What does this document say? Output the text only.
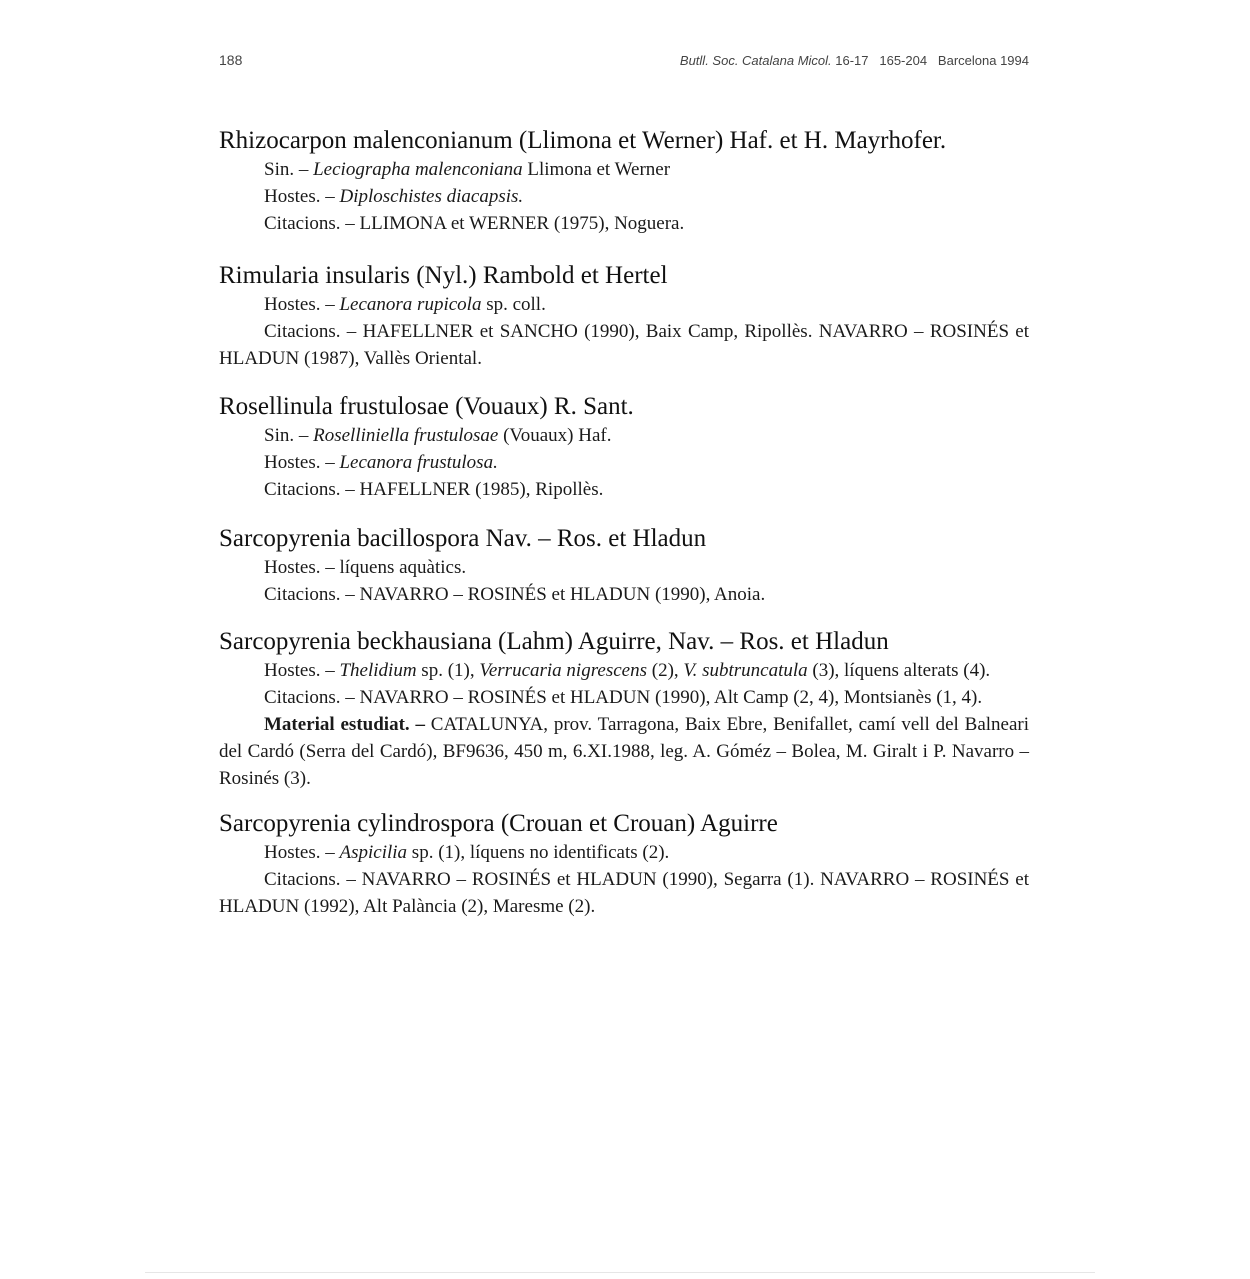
188	Butll. Soc. Catalana Micol. 16-17 165-204 Barcelona 1994

Rhizocarpon malenconianum (Llimona et Werner) Haf. et H. Mayrhofer.

Sin. – Leciographa malenconiana Llimona et Werner

Hostes. – Diploschistes diacapsis.

Citacions. – LLIMONA et WERNER (1975), Noguera.

Rimularia insularis (Nyl.) Rambold et Hertel

Hostes. – Lecanora rupicola sp. coll.

Citacions. – HAFELLNER et SANCHO (1990), Baix Camp, Ripollès. NAVARRO – ROSINÉS et HLADUN (1987), Vallès Oriental.

Rosellinula frustulosae (Vouaux) R. Sant.

Sin. – Roselliniella frustulosae (Vouaux) Haf.

Hostes. – Lecanora frustulosa.

Citacions. – HAFELLNER (1985), Ripollès.

Sarcopyrenia bacillospora Nav. – Ros. et Hladun

Hostes. – líquens aquàtics.

Citacions. – NAVARRO – ROSINÉS et HLADUN (1990), Anoia.

Sarcopyrenia beckhausiana (Lahm) Aguirre, Nav. – Ros. et Hladun

Hostes. – Thelidium sp. (1), Verrucaria nigrescens (2), V. subtruncatula (3), líquens alterats (4).

Citacions. – NAVARRO – ROSINÉS et HLADUN (1990), Alt Camp (2, 4), Montsianès (1, 4).

Material estudiat. – CATALUNYA, prov. Tarragona, Baix Ebre, Benifallet, camí vell del Balneari del Cardó (Serra del Cardó), BF9636, 450 m, 6.XI.1988, leg. A. Góméz – Bolea, M. Giralt i P. Navarro – Rosinés (3).

Sarcopyrenia cylindrospora (Crouan et Crouan) Aguirre

Hostes. – Aspicilia sp. (1), líquens no identificats (2).

Citacions. – NAVARRO – ROSINÉS et HLADUN (1990), Segarra (1). NAVARRO – ROSINÉS et HLADUN (1992), Alt Palància (2), Maresme (2).
